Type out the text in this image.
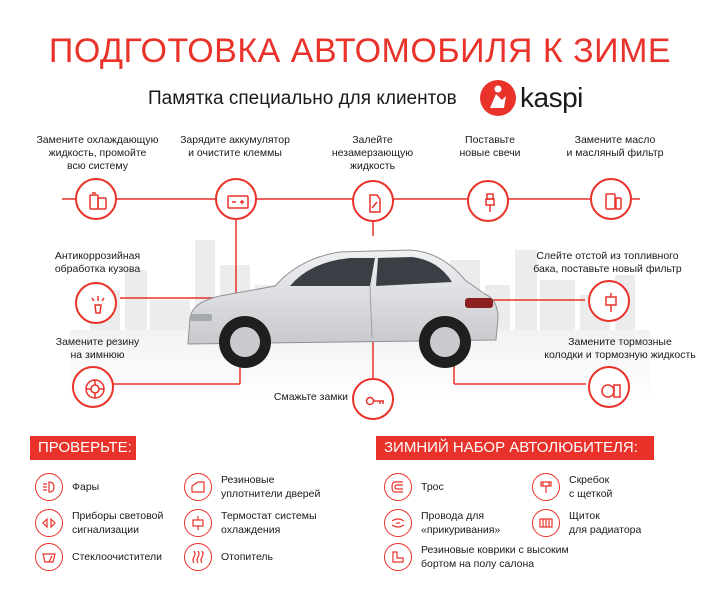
ПОДГОТОВКА АВТОМОБИЛЯ К ЗИМЕ
Памятка специально для клиентов kaspi
Замените охлаждающую
жидкость, промойте
всю систему
Зарядите аккумулятор
и очистите клеммы
Залейте
незамерзающую
жидкость
Поставьте
новые свечи
Замените масло
и масляный фильтр
Антикоррозийная
обработка кузова
Замените резину
на зимнюю
Слейте отстой из топливного
бака, поставьте новый фильтр
Замените тормозные
колодки и тормозную жидкость
Смажьте замки
ПРОВЕРЬТЕ:
Фары
Приборы световой
сигнализации
Стеклоочистители
Резиновые
уплотнители дверей
Термостат системы
охлаждения
Отопитель
ЗИМНИЙ НАБОР АВТОЛЮБИТЕЛЯ:
Трос
Провода для
«прикуривания»
Резиновые коврики с высоким
бортом на полу салона
Скребок
с щеткой
Щиток
для радиатора
